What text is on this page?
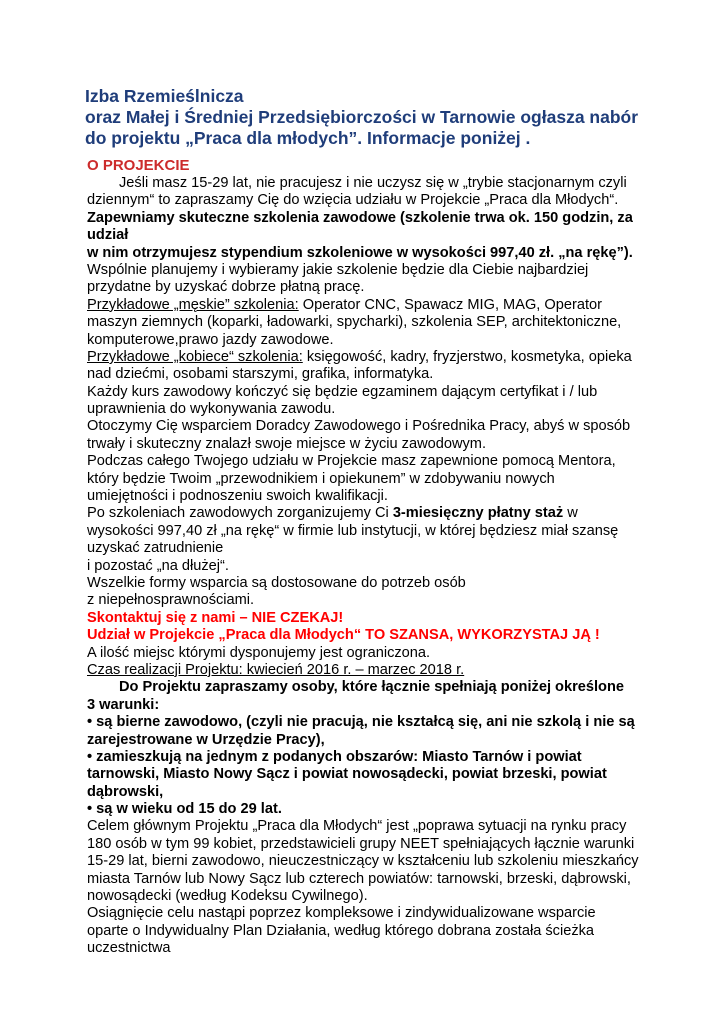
Izba Rzemieślnicza
oraz Małej i Średniej Przedsiębiorczości w Tarnowie ogłasza nabór
do projektu „Praca dla młodych”. Informacje poniżej .
O PROJEKCIE
Jeśli masz 15-29 lat, nie pracujesz i nie uczysz się w „trybie stacjonarnym czyli
dziennym“ to zapraszamy Cię do wzięcia udziału w Projekcie „Praca dla Młodych“.
Zapewniamy skuteczne szkolenia zawodowe (szkolenie trwa ok. 150 godzin, za
udział
w nim otrzymujesz stypendium szkoleniowe w wysokości 997,40 zł. „na rękę”).
Wspólnie planujemy i wybieramy jakie szkolenie będzie dla Ciebie najbardziej
przydatne by uzyskać dobrze płatną pracę.
Przykładowe „męskie” szkolenia: Operator CNC, Spawacz MIG, MAG, Operator
maszyn ziemnych (koparki, ładowarki, spycharki), szkolenia SEP, architektoniczne,
komputerowe,prawo jazdy zawodowe.
Przykładowe „kobiece“ szkolenia: księgowość, kadry, fryzjerstwo, kosmetyka, opieka
nad dziećmi, osobami starszymi, grafika, informatyka.
Każdy kurs zawodowy kończyć się będzie egzaminem dającym certyfikat i / lub
uprawnienia do wykonywania zawodu.
Otoczymy Cię wsparciem Doradcy Zawodowego i Pośrednika Pracy, abyś w sposób
trwały i skuteczny znalazł swoje miejsce w życiu zawodowym.
Podczas całego Twojego udziału w Projekcie masz zapewnione pomocą Mentora,
który będzie Twoim „przewodnikiem i opiekunem” w zdobywaniu nowych
umiejętności i podnoszeniu swoich kwalifikacji.
Po szkoleniach zawodowych zorganizujemy Ci 3-miesięczny płatny staż w
wysokości 997,40 zł „na rękę“ w firmie lub instytucji, w której będziesz miał szansę
uzyskać zatrudnienie
i pozostać „na dłużej“.
Wszelkie formy wsparcia są dostosowane do potrzeb osób
z niepełnosprawnościami.
Skontaktuj się z nami – NIE CZEKAJ!
Udział w Projekcie „Praca dla Młodych“ TO SZANSA, WYKORZYSTAJ JĄ !
A ilość miejsc którymi dysponujemy jest ograniczona.
Czas realizacji Projektu: kwiecień 2016 r. – marzec 2018 r.
Do Projektu zapraszamy osoby, które łącznie spełniają poniżej określone
3 warunki:
• są bierne zawodowo, (czyli nie pracują, nie kształcą się, ani nie szkolą i nie są
zarejestrowane w Urzędzie Pracy),
• zamieszkują na jednym z podanych obszarów: Miasto Tarnów i powiat
tarnowski, Miasto Nowy Sącz i powiat nowosądecki, powiat brzeski, powiat
dąbrowski,
• są w wieku od 15 do 29 lat.
Celem głównym Projektu „Praca dla Młodych“ jest „poprawa sytuacji na rynku pracy
180 osób w tym 99 kobiet, przedstawicieli grupy NEET spełniających łącznie warunki
15-29 lat, bierni zawodowo, nieuczestniczący w kształceniu lub szkoleniu mieszkańcy
miasta Tarnów lub Nowy Sącz lub czterech powiatów: tarnowski, brzeski, dąbrowski,
nowosądecki (według Kodeksu Cywilnego).
Osiągnięcie celu nastąpi poprzez kompleksowe i zindywidualizowane wsparcie
oparte o Indywidualny Plan Działania, według którego dobrana została ścieżka
uczestnictwa
